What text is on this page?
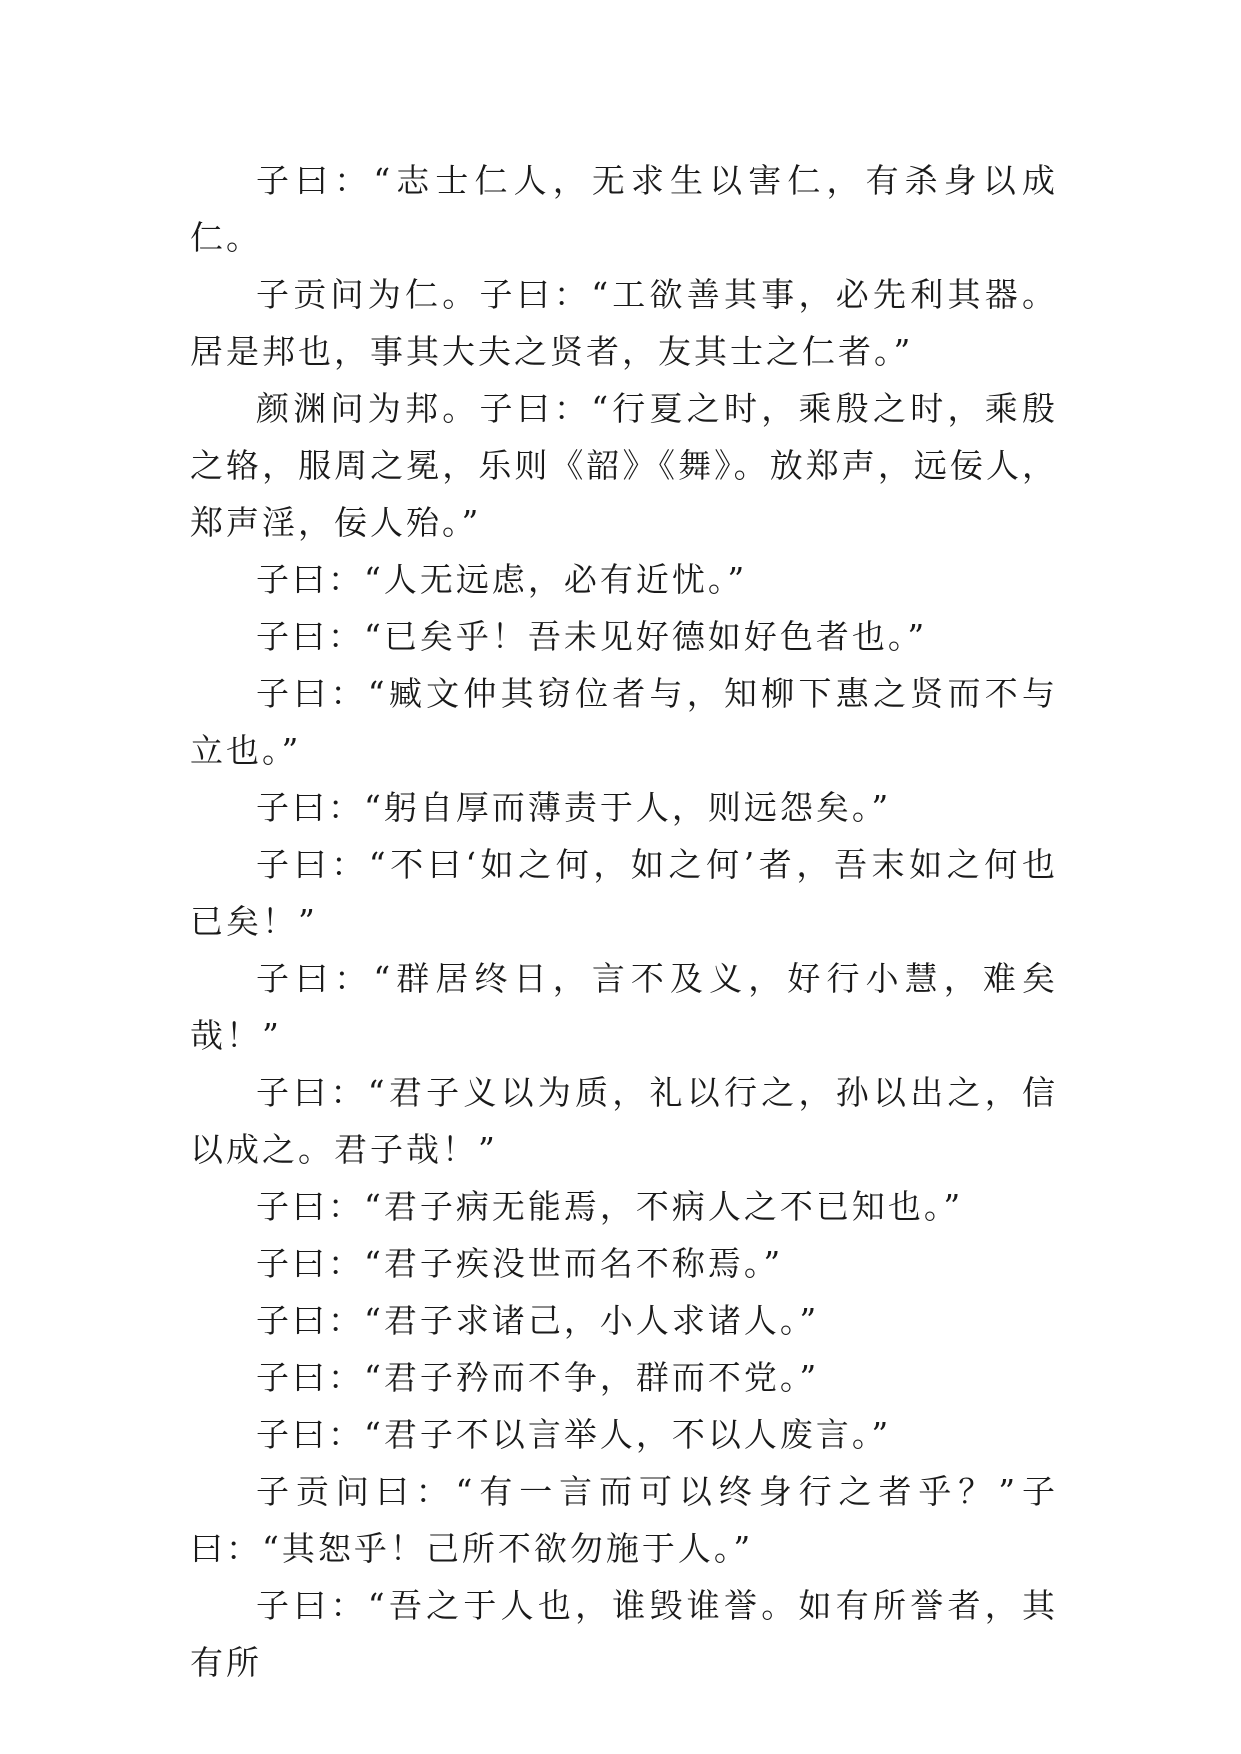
子曰：“志士仁人，无求生以害仁，有杀身以成仁。

子贡问为仁。子曰：“工欲善其事，必先利其器。居是邦也，事其大夫之贤者，友其士之仁者。”

颜渊问为邦。子曰：“行夏之时，乘殷之时，乘殷之辂，服周之冕，乐则《韶》《舞》。放郑声，远佞人，郑声淫，佞人殆。”

子曰：“人无远虑，必有近忧。”

子曰：“已矣乎！吾未见好德如好色者也。”

子曰：“臧文仲其窃位者与，知柳下惠之贤而不与立也。”

子曰：“躬自厚而薄责于人，则远怨矣。”

子曰：“不曰‘如之何，如之何’者，吾末如之何也已矣！”

子曰：“群居终日，言不及义，好行小慧，难矣哉！”

子曰：“君子义以为质，礼以行之，孙以出之，信以成之。君子哉！”

子曰：“君子病无能焉，不病人之不已知也。”

子曰：“君子疾没世而名不称焉。”

子曰：“君子求诸己，小人求诸人。”

子曰：“君子矜而不争，群而不党。”

子曰：“君子不以言举人，不以人废言。”

子贡问曰：“有一言而可以终身行之者乎？”子曰：“其恕乎！己所不欲勿施于人。”

子曰：“吾之于人也，谁毁谁誉。如有所誉者，其有所
